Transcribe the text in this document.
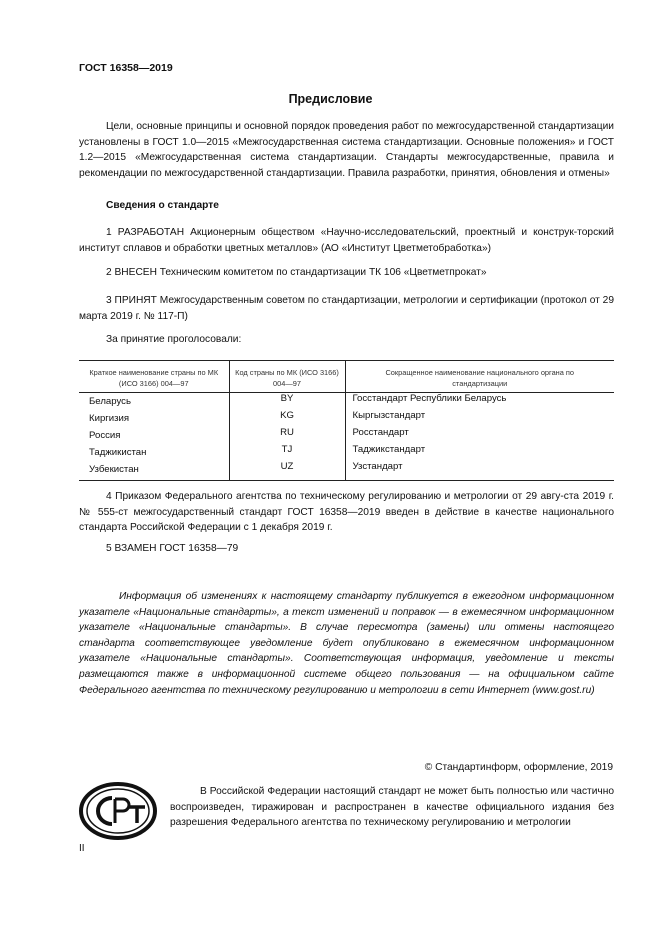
ГОСТ 16358—2019
Предисловие

Цели, основные принципы и основной порядок проведения работ по межгосударственной стандартизации установлены в ГОСТ 1.0—2015 «Межгосударственная система стандартизации. Основные положения» и ГОСТ 1.2—2015 «Межгосударственная система стандартизации. Стандарты межгосударственные, правила и рекомендации по межгосударственной стандартизации. Правила разработки, принятия, обновления и отмены»

Сведения о стандарте

1 РАЗРАБОТАН Акционерным обществом «Научно-исследовательский, проектный и конструк-торский институт сплавов и обработки цветных металлов» (АО «Институт Цветметобработка»)

2 ВНЕСЕН Техническим комитетом по стандартизации ТК 106 «Цветметпрокат»

3 ПРИНЯТ Межгосударственным советом по стандартизации, метрологии и сертификации (протокол от 29 марта 2019 г. № 117-П)

За принятие проголосовали:
Краткое наименование страны по МК (ИСО 3166) 004—97	Код страны по МК (ИСО 3166) 004—97	Сокращенное наименование национального органа по стандартизации
Беларусь	BY	Госстандарт Республики Беларусь
Киргизия	KG	Кыргызстандарт
Россия	RU	Росстандарт
Таджикистан	TJ	Таджикстандарт
Узбекистан	UZ	Узстандарт

4 Приказом Федерального агентства по техническому регулированию и метрологии от 29 авгу-ста 2019 г. № 555-ст межгосударственный стандарт ГОСТ 16358—2019 введен в действие в качестве национального стандарта Российской Федерации с 1 декабря 2019 г.

5 ВЗАМЕН ГОСТ 16358—79

Информация об изменениях к настоящему стандарту публикуется в ежегодном информационном указателе «Национальные стандарты», а текст изменений и поправок — в ежемесячном информационном указателе «Национальные стандарты». В случае пересмотра (замены) или отмены настоящего стандарта соответствующее уведомление будет опубликовано в ежемесячном информационном указателе «Национальные стандарты». Соответствующая информация, уведомление и тексты размещаются также в информационной системе общего пользования — на официальном сайте Федерального агентства по техническому регулированию и метрологии в сети Интернет (www.gost.ru)

© Стандартинформ, оформление, 2019

В Российской Федерации настоящий стандарт не может быть полностью или частично воспроизведен, тиражирован и распространен в качестве официального издания без разрешения Федерального агентства по техническому регулированию и метрологии

II
